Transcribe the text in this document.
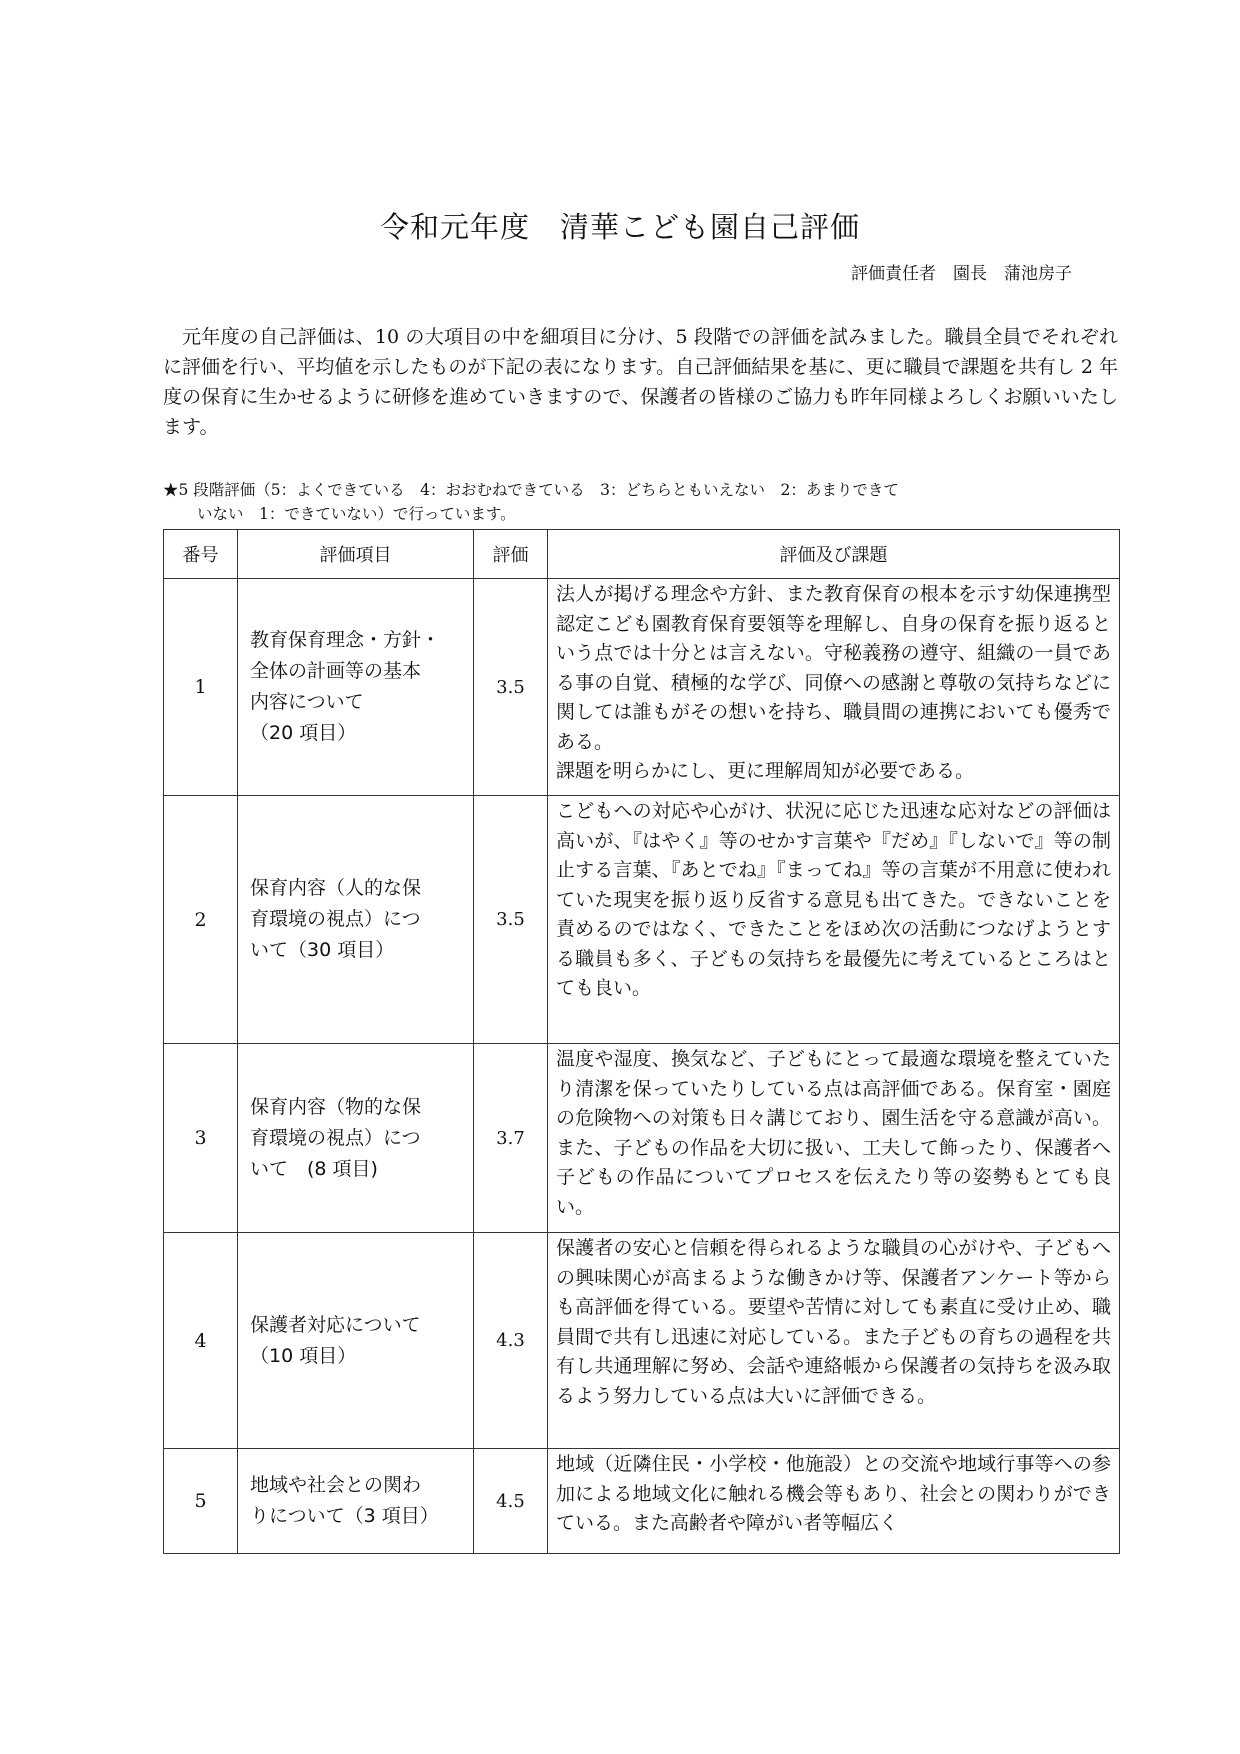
令和元年度　清華こども園自己評価
評価責任者　園長　蒲池房子
元年度の自己評価は、10 の大項目の中を細項目に分け、5 段階での評価を試みました。職員全員でそれぞれに評価を行い、平均値を示したものが下記の表になります。自己評価結果を基に、更に職員で課題を共有し 2 年度の保育に生かせるように研修を進めていきますので、保護者の皆様のご協力も昨年同様よろしくお願いいたします。
★5 段階評価（5：よくできている　4：おおむねできている　3：どちらともいえない　2：あまりできて
いない　1：できていない）で行っています。
番号	評価項目	評価	評価及び課題
1	教育保育理念・方針・
全体の計画等の基本
内容について
（20 項目）	3.5	法人が掲げる理念や方針、また教育保育の根本を示す幼保連携型認定こども園教育保育要領等を理解し、自身の保育を振り返るという点では十分とは言えない。守秘義務の遵守、組織の一員である事の自覚、積極的な学び、同僚への感謝と尊敬の気持ちなどに関しては誰もがその想いを持ち、職員間の連携においても優秀である。
課題を明らかにし、更に理解周知が必要である。

2	保育内容（人的な保
育環境の視点）につ
いて（30 項目）	3.5	こどもへの対応や心がけ、状況に応じた迅速な応対などの評価は高いが、『はやく』等のせかす言葉や『だめ』『しないで』等の制止する言葉、『あとでね』『まってね』等の言葉が不用意に使われていた現実を振り返り反省する意見も出てきた。できないことを責めるのではなく、できたことをほめ次の活動につなげようとする職員も多く、子どもの気持ちを最優先に考えているところはとても良い。

3	保育内容（物的な保
育環境の視点）につ
いて　(8 項目)	3.7	温度や湿度、換気など、子どもにとって最適な環境を整えていたり清潔を保っていたりしている点は高評価である。保育室・園庭の危険物への対策も日々講じており、園生活を守る意識が高い。また、子どもの作品を大切に扱い、工夫して飾ったり、保護者へ子どもの作品についてプロセスを伝えたり等の姿勢もとても良い。

4	保護者対応について
（10 項目）	4.3	保護者の安心と信頼を得られるような職員の心がけや、子どもへの興味関心が高まるような働きかけ等、保護者アンケート等からも高評価を得ている。要望や苦情に対しても素直に受け止め、職員間で共有し迅速に対応している。また子どもの育ちの過程を共有し共通理解に努め、会話や連絡帳から保護者の気持ちを汲み取るよう努力している点は大いに評価できる。

5	地域や社会との関わ
りについて（3 項目）	4.5	地域（近隣住民・小学校・他施設）との交流や地域行事等への参加による地域文化に触れる機会等もあり、社会との関わりができている。また高齢者や障がい者等幅広く
